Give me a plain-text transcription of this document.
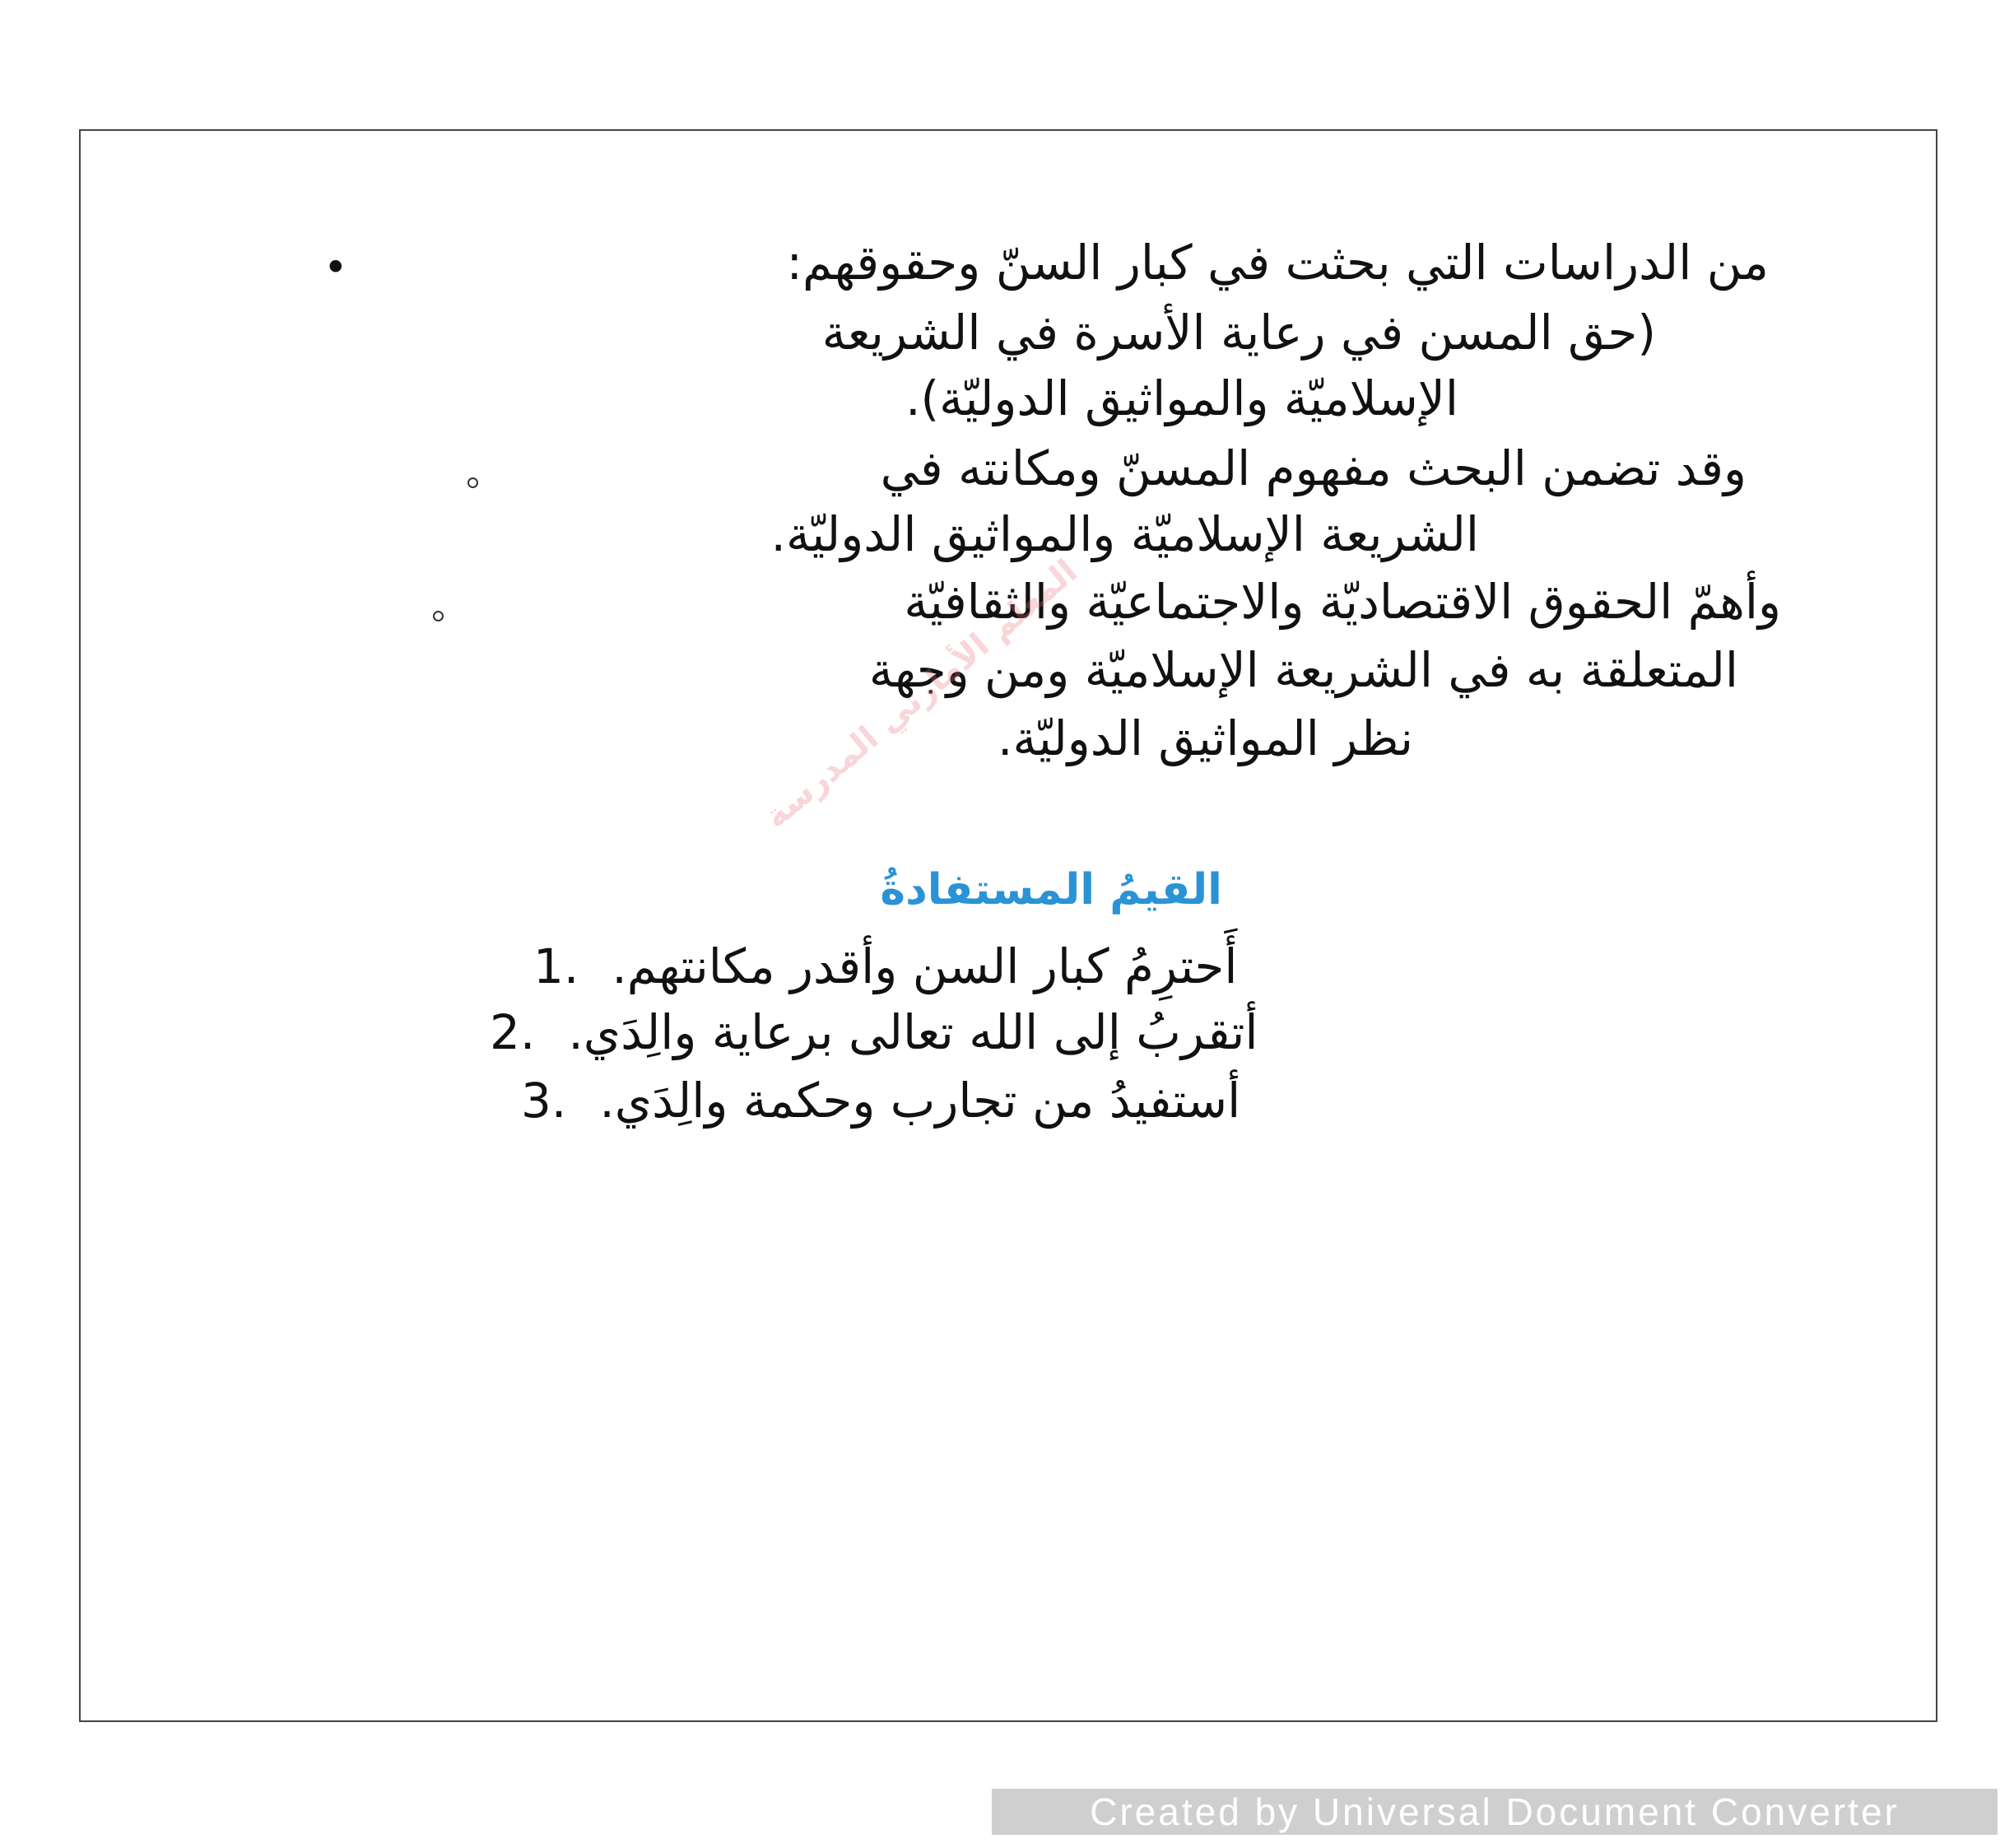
•	من الدراسات التي بحثت في كبار السنّ وحقوقهم:
(حق المسن في رعاية الأسرة في الشريعة
الإسلاميّة والمواثيق الدوليّة).
وقد تضمن البحث مفهوم المسنّ ومكانته في
الشريعة الإسلاميّة والمواثيق الدوليّة.
وأهمّ الحقوق الاقتصاديّة والاجتماعيّة والثقافيّة
المتعلقة به في الشريعة الإسلاميّة ومن وجهة
نظر المواثيق الدوليّة.
المعلم الأمارتي المدرسة
القيمُ المستفادةُ
1. أَحترِمُ كبار السن وأقدر مكانتهم.
2. أتقربُ إلى الله تعالى برعاية والِدَي.
3. أستفيدُ من تجارب وحكمة والِدَي.
Created by Universal Document Converter
